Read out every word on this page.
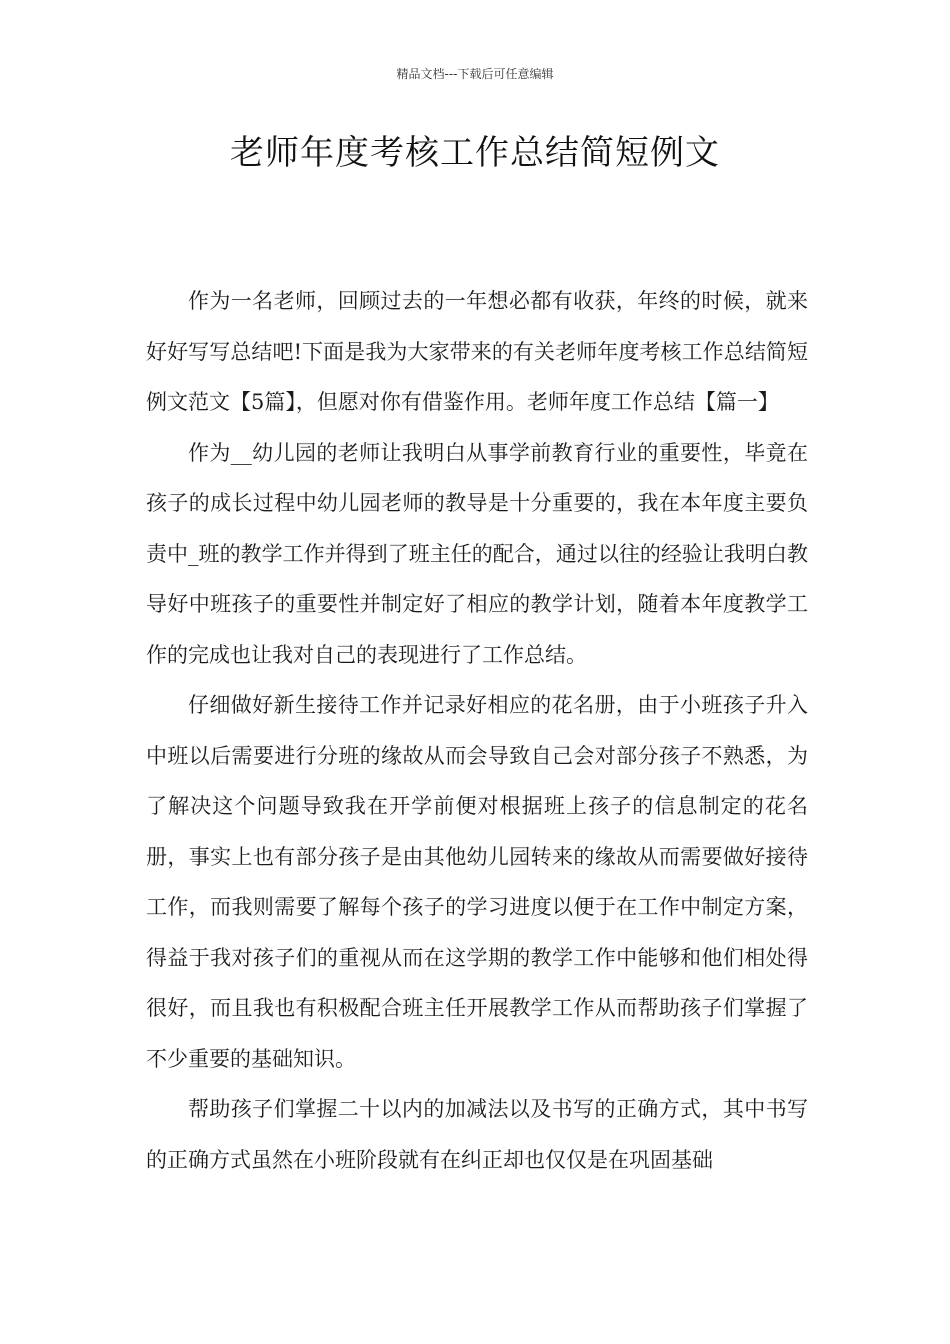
精品文档---下载后可任意编辑
老师年度考核工作总结简短例文

作为一名老师，回顾过去的一年想必都有收获，年终的时候，就来好好写写总结吧!下面是我为大家带来的有关老师年度考核工作总结简短例文范文【5篇】，但愿对你有借鉴作用。老师年度工作总结【篇一】

作为__幼儿园的老师让我明白从事学前教育行业的重要性，毕竟在孩子的成长过程中幼儿园老师的教导是十分重要的，我在本年度主要负责中_班的教学工作并得到了班主任的配合，通过以往的经验让我明白教导好中班孩子的重要性并制定好了相应的教学计划，随着本年度教学工作的完成也让我对自己的表现进行了工作总结。

仔细做好新生接待工作并记录好相应的花名册，由于小班孩子升入中班以后需要进行分班的缘故从而会导致自己会对部分孩子不熟悉，为了解决这个问题导致我在开学前便对根据班上孩子的信息制定的花名册，事实上也有部分孩子是由其他幼儿园转来的缘故从而需要做好接待工作，而我则需要了解每个孩子的学习进度以便于在工作中制定方案，得益于我对孩子们的重视从而在这学期的教学工作中能够和他们相处得很好，而且我也有积极配合班主任开展教学工作从而帮助孩子们掌握了不少重要的基础知识。

帮助孩子们掌握二十以内的加减法以及书写的正确方式，其中书写的正确方式虽然在小班阶段就有在纠正却也仅仅是在巩固基础
